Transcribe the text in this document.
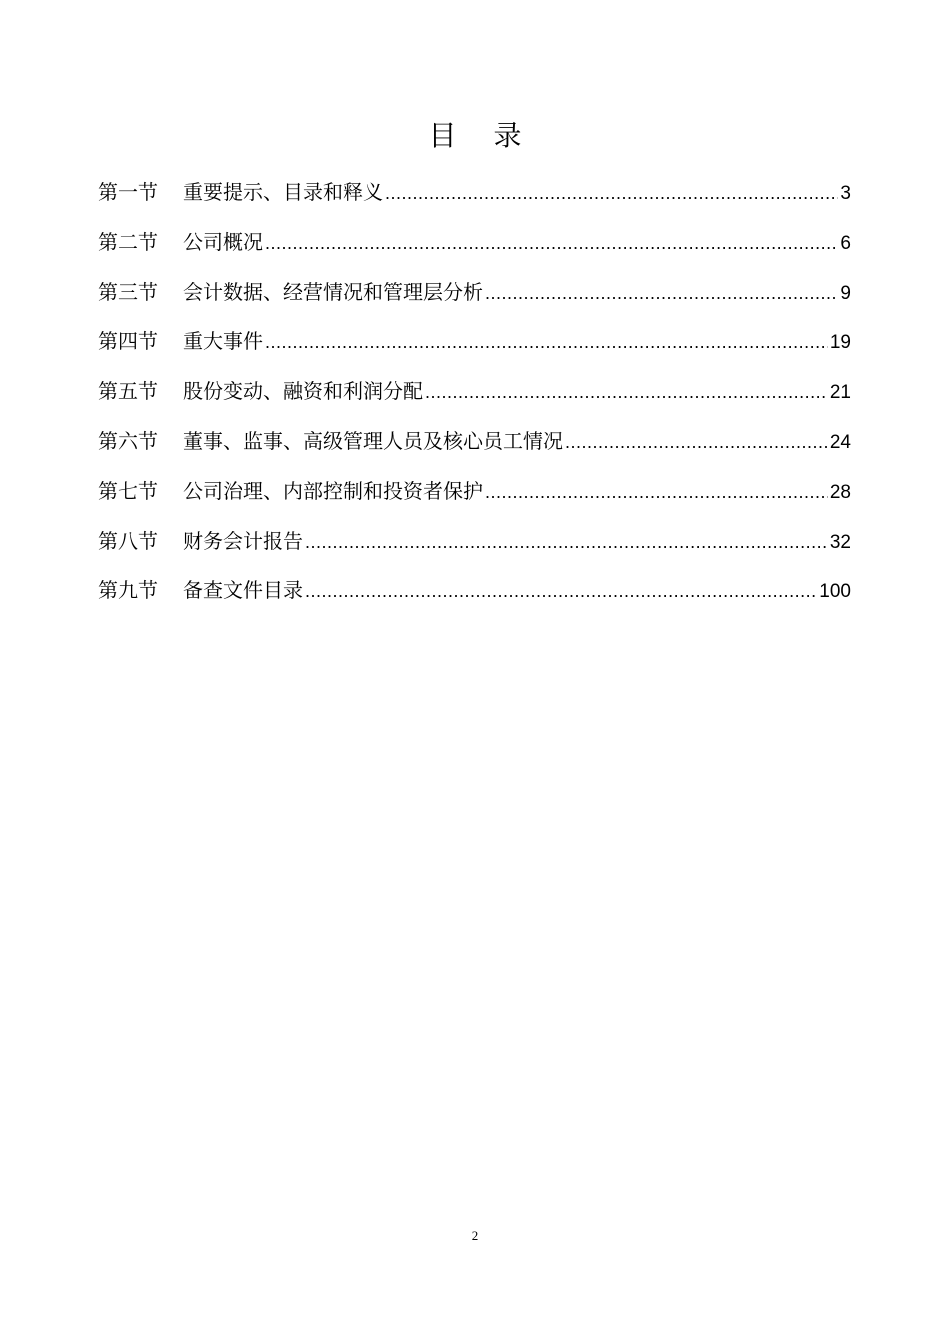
目 录
第一节	重要提示、目录和释义 .....	3
第二节	公司概况 .....	6
第三节	会计数据、经营情况和管理层分析 .....	9
第四节	重大事件 .....	19
第五节	股份变动、融资和利润分配 .....	21
第六节	董事、监事、高级管理人员及核心员工情况 .....	24
第七节	公司治理、内部控制和投资者保护 .....	28
第八节	财务会计报告 .....	32
第九节	备查文件目录 .....	100
2
